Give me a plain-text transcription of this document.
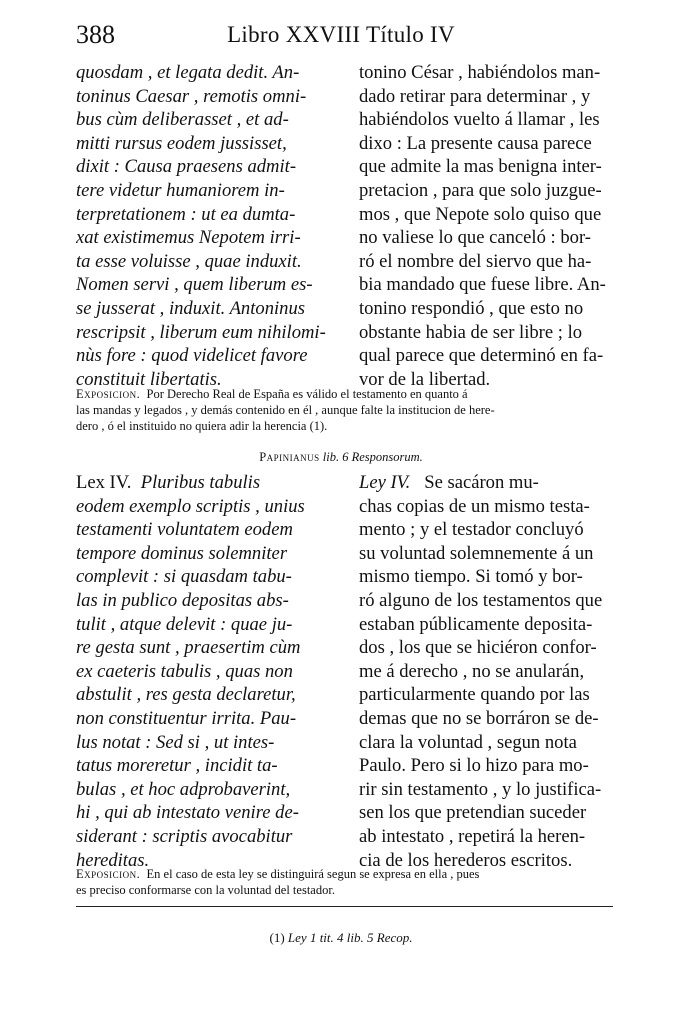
388	Libro XXVIII Título IV
quosdam , et legata dedit. An-
toninus Caesar , remotis omni-
bus cùm deliberasset , et ad-
mitti rursus eodem jussisset,
dixit : Causa praesens admit-
tere videtur humaniorem in-
terpretationem : ut ea dumta-
xat existimemus Nepotem irri-
ta esse voluisse , quae induxit.
Nomen servi , quem liberum es-
se jusserat , induxit. Antoninus
rescripsit , liberum eum nihilomi-
nùs fore : quod videlicet favore
constituit libertatis.
tonino César , habiéndolos man-
dado retirar para determinar , y
habiéndolos vuelto á llamar , les
dixo : La presente causa parece
que admite la mas benigna inter-
pretacion , para que solo juzgue-
mos , que Nepote solo quiso que
no valiese lo que canceló : bor-
ró el nombre del siervo que ha-
bia mandado que fuese libre. An-
tonino respondió , que esto no
obstante habia de ser libre ; lo
qual parece que determinó en fa-
vor de la libertad.
Exposicion. Por Derecho Real de España es válido el testamento en quanto á
las mandas y legados , y demás contenido en él , aunque falte la institucion de here-
dero , ó el instituido no quiera adir la herencia (1).
Papinianus lib. 6 Responsorum.
Lex IV. Pluribus tabulis
eodem exemplo scriptis , unius
testamenti voluntatem eodem
tempore dominus solemniter
complevit : si quasdam tabu-
las in publico depositas abs-
tulit , atque delevit : quae ju-
re gesta sunt , praesertim cùm
ex caeteris tabulis , quas non
abstulit , res gesta declaretur,
non constituentur irrita. Pau-
lus notat : Sed si , ut intes-
tatus moreretur , incidit ta-
bulas , et hoc adprobaverint,
hi , qui ab intestato venire de-
siderant : scriptis avocabitur
hereditas.
Ley IV. Se sacáron mu-
chas copias de un mismo testa-
mento ; y el testador concluyó
su voluntad solemnemente á un
mismo tiempo. Si tomó y bor-
ró alguno de los testamentos que
estaban públicamente deposita-
dos , los que se hiciéron confor-
me á derecho , no se anularán,
particularmente quando por las
demas que no se borráron se de-
clara la voluntad , segun nota
Paulo. Pero si lo hizo para mo-
rir sin testamento , y lo justifica-
sen los que pretendian suceder
ab intestato , repetirá la heren-
cia de los herederos escritos.
Exposicion. En el caso de esta ley se distinguirá segun se expresa en ella , pues
es preciso conformarse con la voluntad del testador.
(1) Ley 1 tit. 4 lib. 5 Recop.
